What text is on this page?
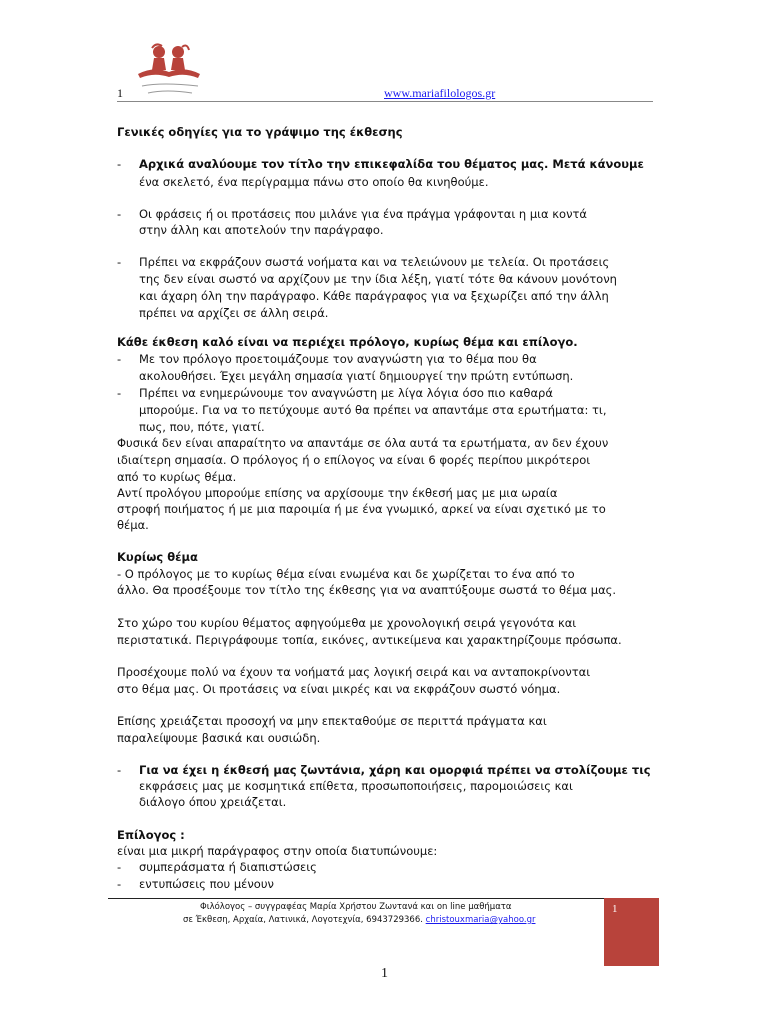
1	www.mariafilologos.gr
Γενικές οδηγίες για το γράψιμο της έκθεσης
- Αρχικά αναλύουμε τον τίτλο την επικεφαλίδα του θέματος μας. Μετά κάνουμε
ένα σκελετό, ένα περίγραμμα πάνω στο οποίο θα κινηθούμε.
- Οι φράσεις ή οι προτάσεις που μιλάνε για ένα πράγμα γράφονται η μια κοντά
στην άλλη και αποτελούν την παράγραφο.
- Πρέπει να εκφράζουν σωστά νοήματα και να τελειώνουν με τελεία. Οι προτάσεις
της δεν είναι σωστό να αρχίζουν με την ίδια λέξη, γιατί τότε θα κάνουν μονότονη
και άχαρη όλη την παράγραφο. Κάθε παράγραφος για να ξεχωρίζει από την άλλη
πρέπει να αρχίζει σε άλλη σειρά.
Κάθε έκθεση καλό είναι να περιέχει πρόλογο, κυρίως θέμα και επίλογο.
- Με τον πρόλογο προετοιμάζουμε τον αναγνώστη για το θέμα που θα
ακολουθήσει. Έχει μεγάλη σημασία γιατί δημιουργεί την πρώτη εντύπωση.
- Πρέπει να ενημερώνουμε τον αναγνώστη με λίγα λόγια όσο πιο καθαρά
μπορούμε. Για να το πετύχουμε αυτό θα πρέπει να απαντάμε στα ερωτήματα: τι,
πως, που, πότε, γιατί.
Φυσικά δεν είναι απαραίτητο να απαντάμε σε όλα αυτά τα ερωτήματα, αν δεν έχουν
ιδιαίτερη σημασία. Ο πρόλογος ή ο επίλογος να είναι 6 φορές περίπου μικρότεροι
από το κυρίως θέμα.
Αντί προλόγου μπορούμε επίσης να αρχίσουμε την έκθεσή μας με μια ωραία
στροφή ποιήματος ή με μια παροιμία ή με ένα γνωμικό, αρκεί να είναι σχετικό με το
θέμα.
Κυρίως θέμα
- Ο πρόλογος με το κυρίως θέμα είναι ενωμένα και δε χωρίζεται το ένα από το
άλλο. Θα προσέξουμε τον τίτλο της έκθεσης για να αναπτύξουμε σωστά το θέμα μας.
Στο χώρο του κυρίου θέματος αφηγούμεθα με χρονολογική σειρά γεγονότα και
περιστατικά. Περιγράφουμε τοπία, εικόνες, αντικείμενα και χαρακτηρίζουμε πρόσωπα.
Προσέχουμε πολύ να έχουν τα νοήματά μας λογική σειρά και να ανταποκρίνονται
στο θέμα μας. Οι προτάσεις να είναι μικρές και να εκφράζουν σωστό νόημα.
Επίσης χρειάζεται προσοχή να μην επεκταθούμε σε περιττά πράγματα και
παραλείψουμε βασικά και ουσιώδη.
- Για να έχει η έκθεσή μας ζωντάνια, χάρη και ομορφιά πρέπει να στολίζουμε τις
εκφράσεις μας με κοσμητικά επίθετα, προσωποποιήσεις, παρομοιώσεις και
διάλογο όπου χρειάζεται.
Επίλογος :
είναι μια μικρή παράγραφος στην οποία διατυπώνουμε:
- συμπεράσματα ή διαπιστώσεις
- εντυπώσεις που μένουν
1
Φιλόλογος – συγγραφέας Μαρία Χρήστου Ζωντανά και on line μαθήματα
σε Έκθεση, Αρχαία, Λατινικά, Λογοτεχνία, 6943729366. christouxmaria@yahoo.gr
1
